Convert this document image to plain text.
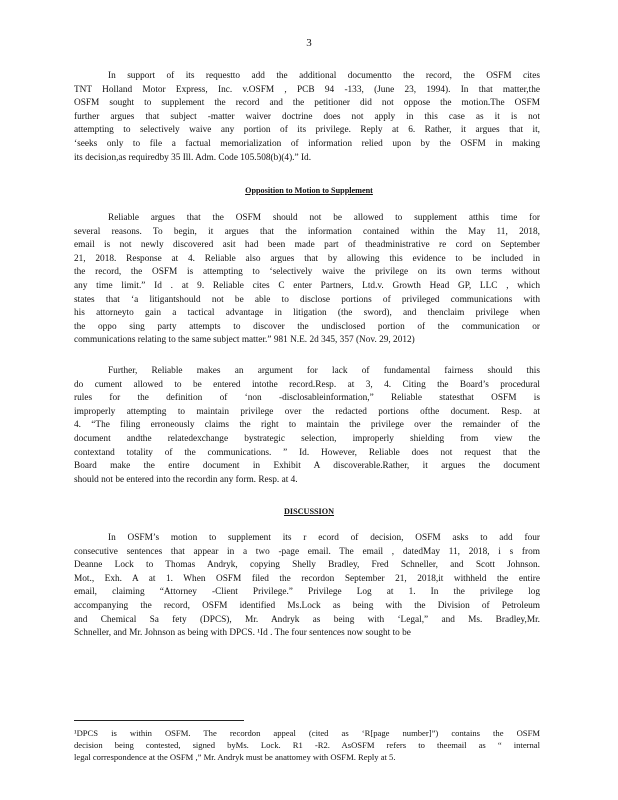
3

In support of its requestto add the additional documentto the record, the OSFM cites
TNT Holland Motor Express, Inc. v.OSFM , PCB 94 -133, (June 23, 1994). In that matter,the
OSFM sought to supplement the record and the petitioner did not oppose the motion.The OSFM
further argues that subject -matter waiver doctrine does not apply in this case as it is not
attempting to selectively waive any portion of its privilege. Reply at 6. Rather, it argues that it,
‘seeks only to file a factual memorialization of information relied upon by the OSFM in making
its decision,as requiredby 35 Ill. Adm. Code 105.508(b)(4).” Id.

Opposition to Motion to Supplement

Reliable argues that the OSFM should not be allowed to supplement atthis time for
several reasons. To begin, it argues that the information contained within the May 11, 2018,
email is not newly discovered asit had been made part of theadministrative re cord on September
21, 2018. Response at 4. Reliable also argues that by allowing this evidence to be included in
the record, the OSFM is attempting to ‘selectively waive the privilege on its own terms without
any time limit.” Id . at 9. Reliable cites C enter Partners, Ltd.v. Growth Head GP, LLC , which
states that ‘a litigantshould not be able to disclose portions of privileged communications with
his attorneyto gain a tactical advantage in litigation (the sword), and thenclaim privilege when
the oppo sing party attempts to discover the undisclosed portion of the communication or
communications relating to the same subject matter.” 981 N.E. 2d 345, 357 (Nov. 29, 2012)

Further, Reliable makes an argument for lack of fundamental fairness should this
do cument allowed to be entered intothe record.Resp. at 3, 4. Citing the Board’s procedural
rules for the definition of ‘non -disclosableinformation,” Reliable statesthat OSFM is
improperly attempting to maintain privilege over the redacted portions ofthe document. Resp. at
4. “The filing erroneously claims the right to maintain the privilege over the remainder of the
document andthe relatedexchange bystrategic selection, improperly shielding from view the
contextand totality of the communications. ” Id. However, Reliable does not request that the
Board make the entire document in Exhibit A discoverable.Rather, it argues the document
should not be entered into the recordin any form. Resp. at 4.

DISCUSSION

In OSFM’s motion to supplement its r ecord of decision, OSFM asks to add four
consecutive sentences that appear in a two -page email. The email , datedMay 11, 2018, i s from
Deanne Lock to Thomas Andryk, copying Shelly Bradley, Fred Schneller, and Scott Johnson.
Mot., Exh. A at 1. When OSFM filed the recordon September 21, 2018,it withheld the entire
email, claiming “Attorney -Client Privilege.” Privilege Log at 1. In the privilege log
accompanying the record, OSFM identified Ms.Lock as being with the Division of Petroleum
and Chemical Sa fety (DPCS), Mr. Andryk as being with ‘Legal,” and Ms. Bradley,Mr.
Schneller, and Mr. Johnson as being with DPCS. ¹Id . The four sentences now sought to be

¹DPCS is within OSFM. The recordon appeal (cited as ‘R[page number]”) contains the OSFM
decision being contested, signed byMs. Lock. R1 -R2. AsOSFM refers to theemail as “ internal
legal correspondence at the OSFM ,” Mr. Andryk must be anattomey with OSFM. Reply at 5.
